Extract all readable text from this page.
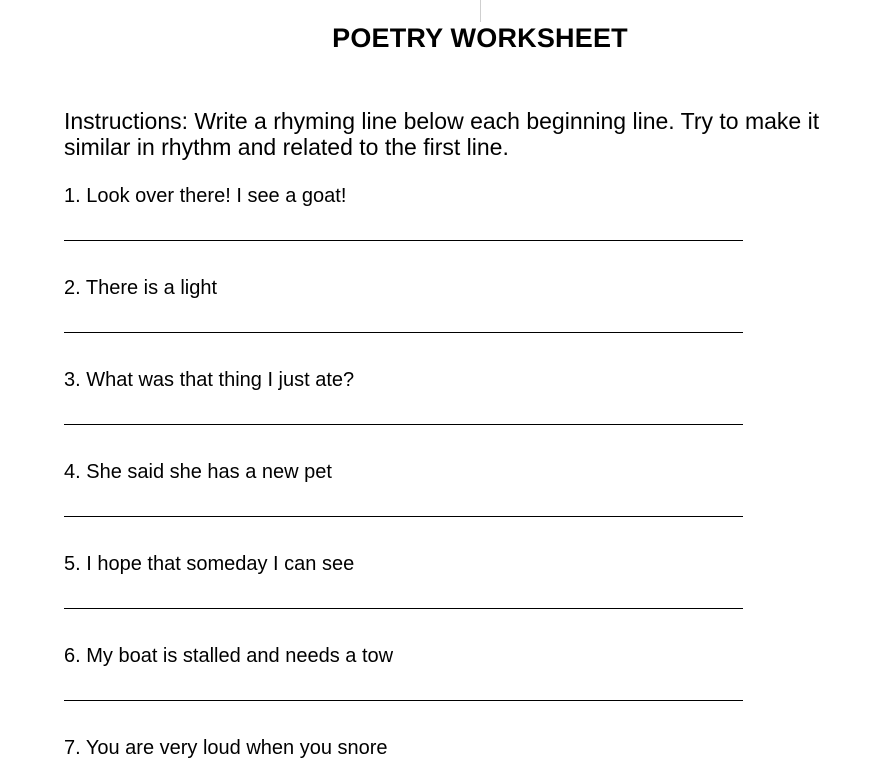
POETRY WORKSHEET

Instructions: Write a rhyming line below each beginning line. Try to make it similar in rhythm and related to the first line.

1. Look over there! I see a goat!
2. There is a light
3. What was that thing I just ate?
4. She said she has a new pet
5. I hope that someday I can see
6. My boat is stalled and needs a tow
7. You are very loud when you snore
